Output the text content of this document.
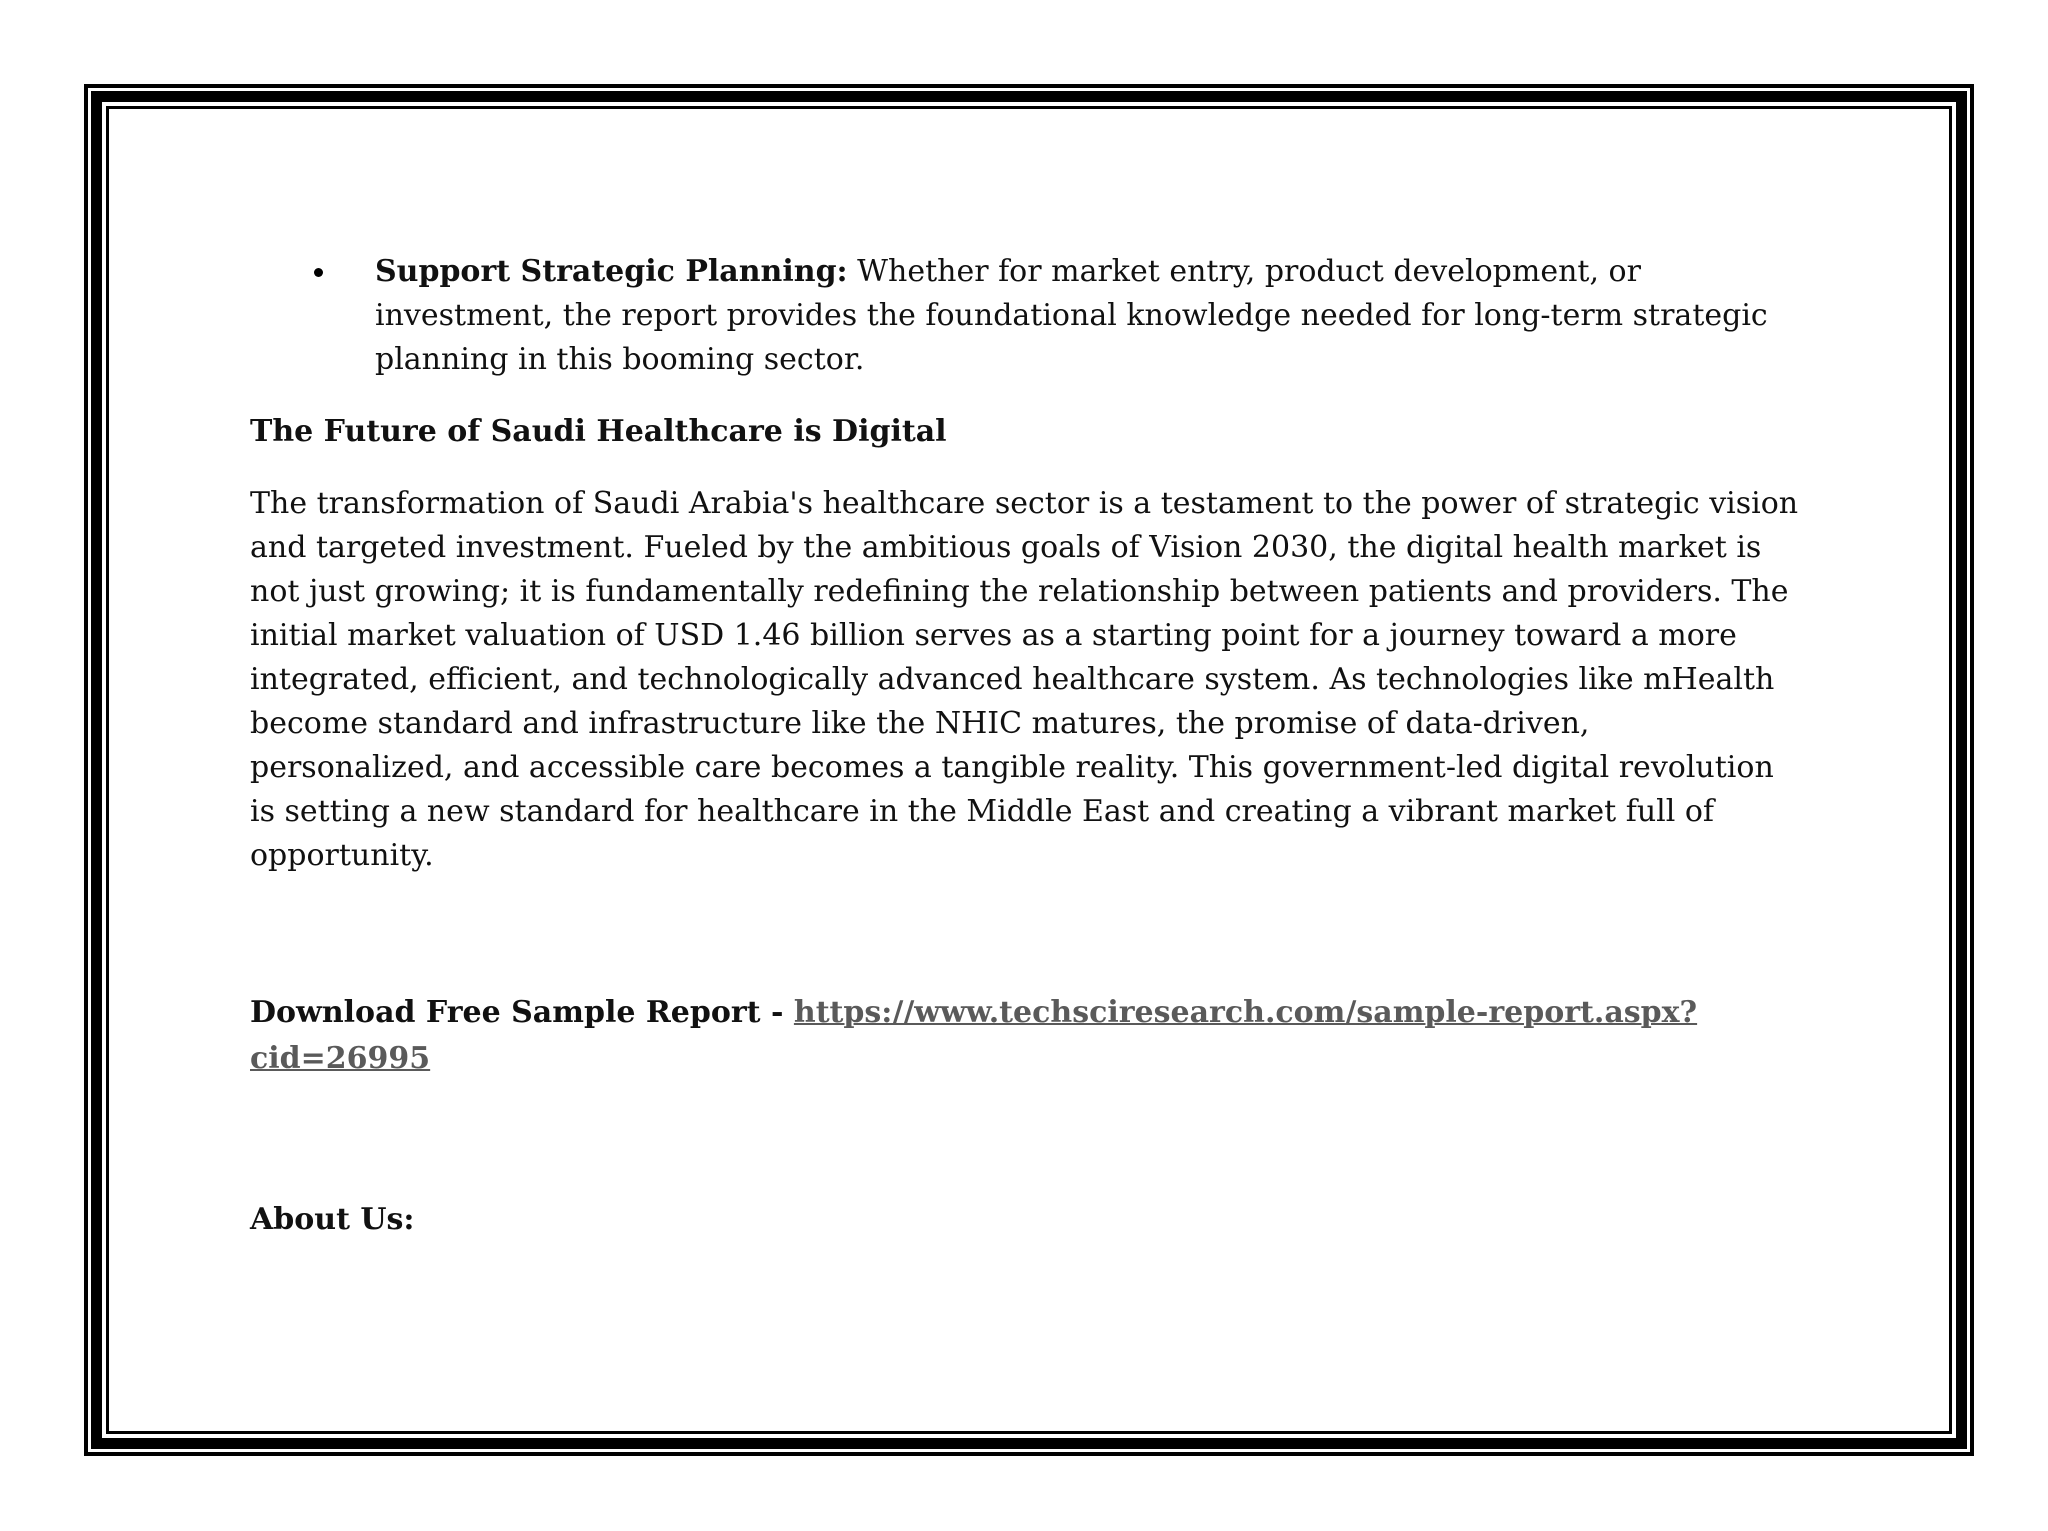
Support Strategic Planning: Whether for market entry, product development, or investment, the report provides the foundational knowledge needed for long-term strategic planning in this booming sector.
The Future of Saudi Healthcare is Digital
The transformation of Saudi Arabia's healthcare sector is a testament to the power of strategic vision and targeted investment. Fueled by the ambitious goals of Vision 2030, the digital health market is not just growing; it is fundamentally redefining the relationship between patients and providers. The initial market valuation of USD 1.46 billion serves as a starting point for a journey toward a more integrated, efficient, and technologically advanced healthcare system. As technologies like mHealth become standard and infrastructure like the NHIC matures, the promise of data-driven, personalized, and accessible care becomes a tangible reality. This government-led digital revolution is setting a new standard for healthcare in the Middle East and creating a vibrant market full of opportunity.
Download Free Sample Report - https://www.techsciresearch.com/sample-report.aspx?cid=26995
About Us:
